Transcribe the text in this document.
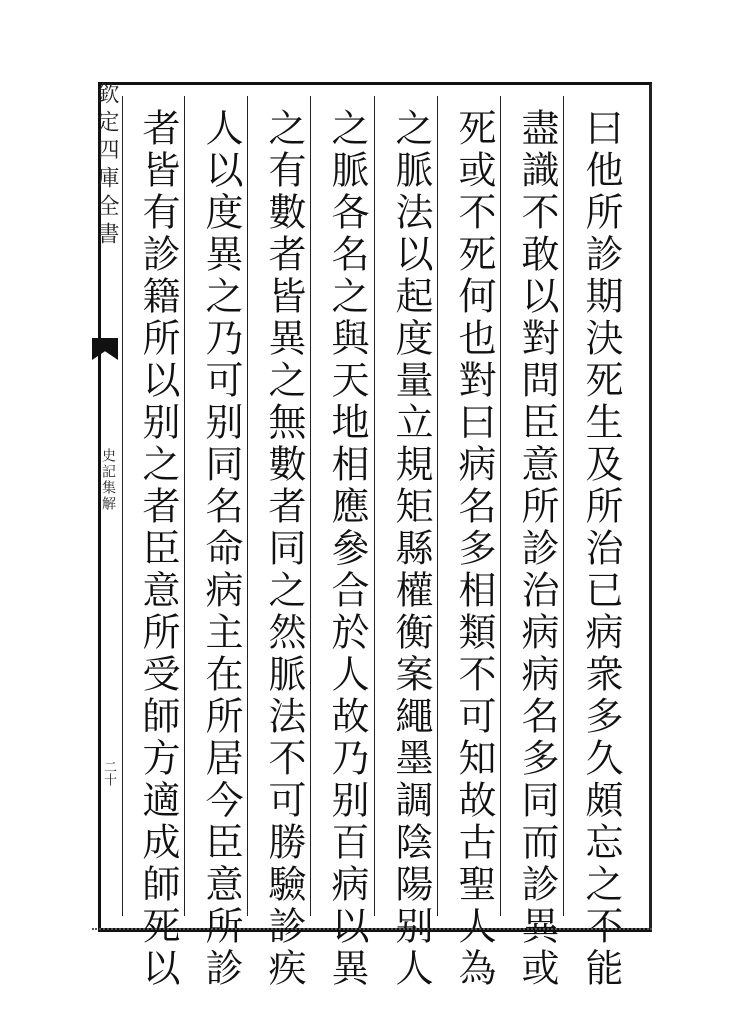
欽定四庫全書
史記集解
二十	曰他所診期決死生及所治已病衆多久頗忘之不能
盡識不敢以對問臣意所診治病病名多同而診異或
死或不死何也對曰病名多相類不可知故古聖人為
之脈法以起度量立規矩縣權衡案繩墨調陰陽别人
之脈各名之與天地相應參合於人故乃别百病以異
之有數者皆異之無數者同之然脈法不可勝驗診疾
人以度異之乃可别同名命病主在所居今臣意所診
者皆有診籍所以别之者臣意所受師方適成師死以
